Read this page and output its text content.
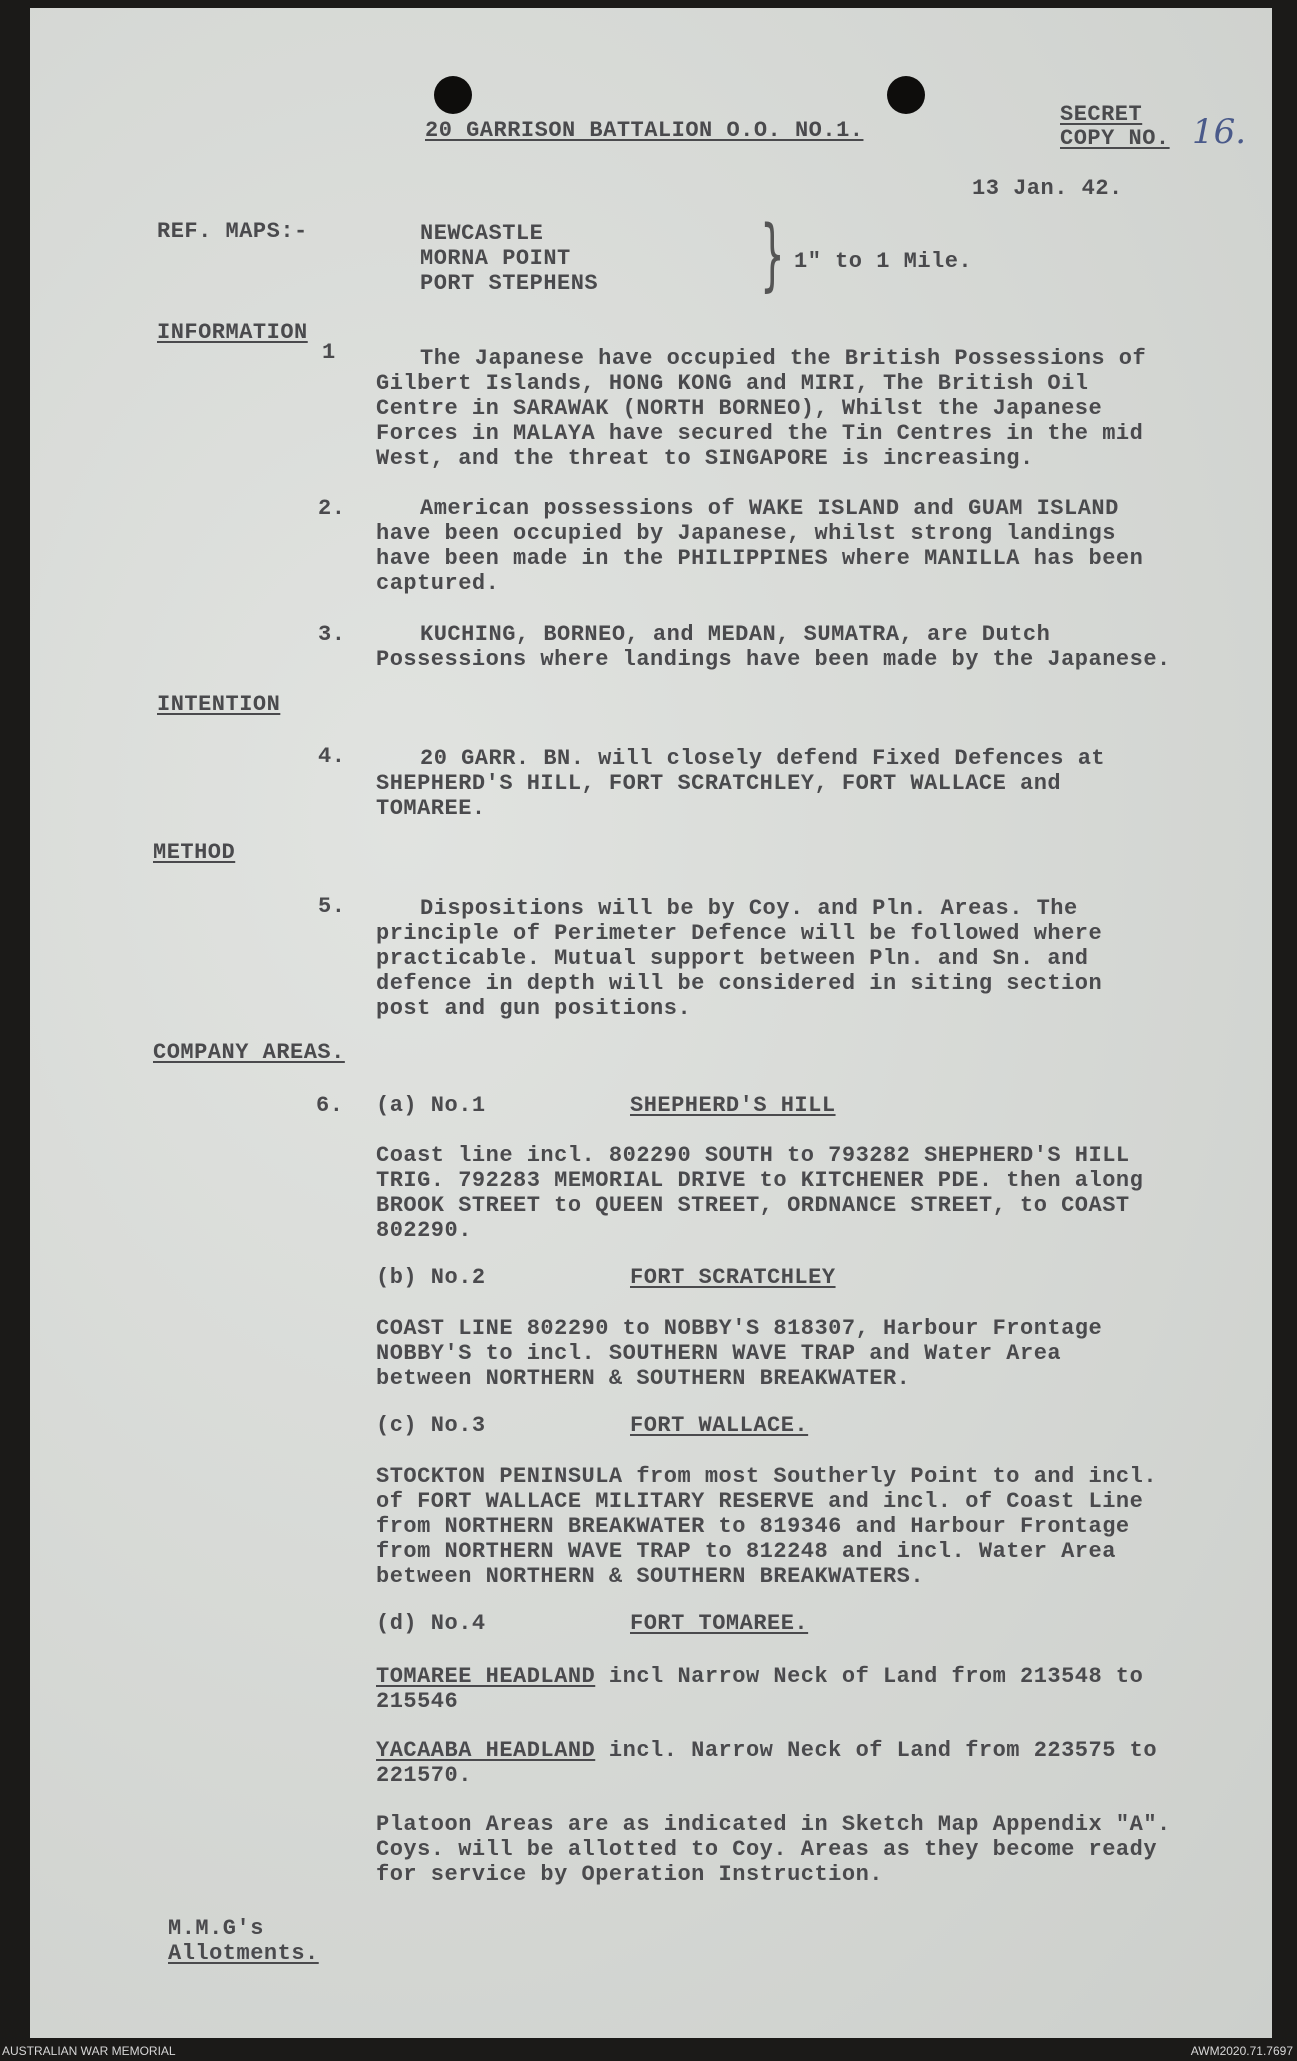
20 GARRISON BATTALION O.O. NO.1.
SECRET
COPY NO. 16.
13 Jan. 42.
REF. MAPS:-	NEWCASTLE
MORNA POINT
PORT STEPHENS } 1" to 1 Mile.
INFORMATION
1	The Japanese have occupied the British Possessions of
Gilbert Islands, HONG KONG and MIRI, The British Oil
Centre in SARAWAK (NORTH BORNEO), Whilst the Japanese
Forces in MALAYA have secured the Tin Centres in the mid
West, and the threat to SINGAPORE is increasing.
2.	American possessions of WAKE ISLAND and GUAM ISLAND
have been occupied by Japanese, whilst strong landings
have been made in the PHILIPPINES where MANILLA has been
captured.
3.	KUCHING, BORNEO, and MEDAN, SUMATRA, are Dutch
Possessions where landings have been made by the Japanese.
INTENTION
4.	20 GARR. BN. will closely defend Fixed Defences at
SHEPHERD'S HILL, FORT SCRATCHLEY, FORT WALLACE and
TOMAREE.
METHOD
5.	Dispositions will be by Coy. and Pln. Areas. The
principle of Perimeter Defence will be followed where
practicable. Mutual support between Pln. and Sn. and
defence in depth will be considered in siting section
post and gun positions.
COMPANY AREAS.
6. (a) No.1	SHEPHERD'S HILL
Coast line incl. 802290 SOUTH to 793282 SHEPHERD'S HILL
TRIG. 792283 MEMORIAL DRIVE to KITCHENER PDE. then along
BROOK STREET to QUEEN STREET, ORDNANCE STREET, to COAST
802290.
(b) No.2	FORT SCRATCHLEY
COAST LINE 802290 to NOBBY'S 818307, Harbour Frontage
NOBBY'S to incl. SOUTHERN WAVE TRAP and Water Area
between NORTHERN & SOUTHERN BREAKWATER.
(c) No.3	FORT WALLACE.
STOCKTON PENINSULA from most Southerly Point to and incl.
of FORT WALLACE MILITARY RESERVE and incl. of Coast Line
from NORTHERN BREAKWATER to 819346 and Harbour Frontage
from NORTHERN WAVE TRAP to 812248 and incl. Water Area
between NORTHERN & SOUTHERN BREAKWATERS.
(d) No.4	FORT TOMAREE.
TOMAREE HEADLAND incl Narrow Neck of Land from 213548 to
215546
YACAABA HEADLAND incl. Narrow Neck of Land from 223575 to
221570.
Platoon Areas are as indicated in Sketch Map Appendix "A".
Coys. will be allotted to Coy. Areas as they become ready
for service by Operation Instruction.
M.M.G's
Allotments.
AUSTRALIAN WAR MEMORIAL	AWM2020.71.7697
